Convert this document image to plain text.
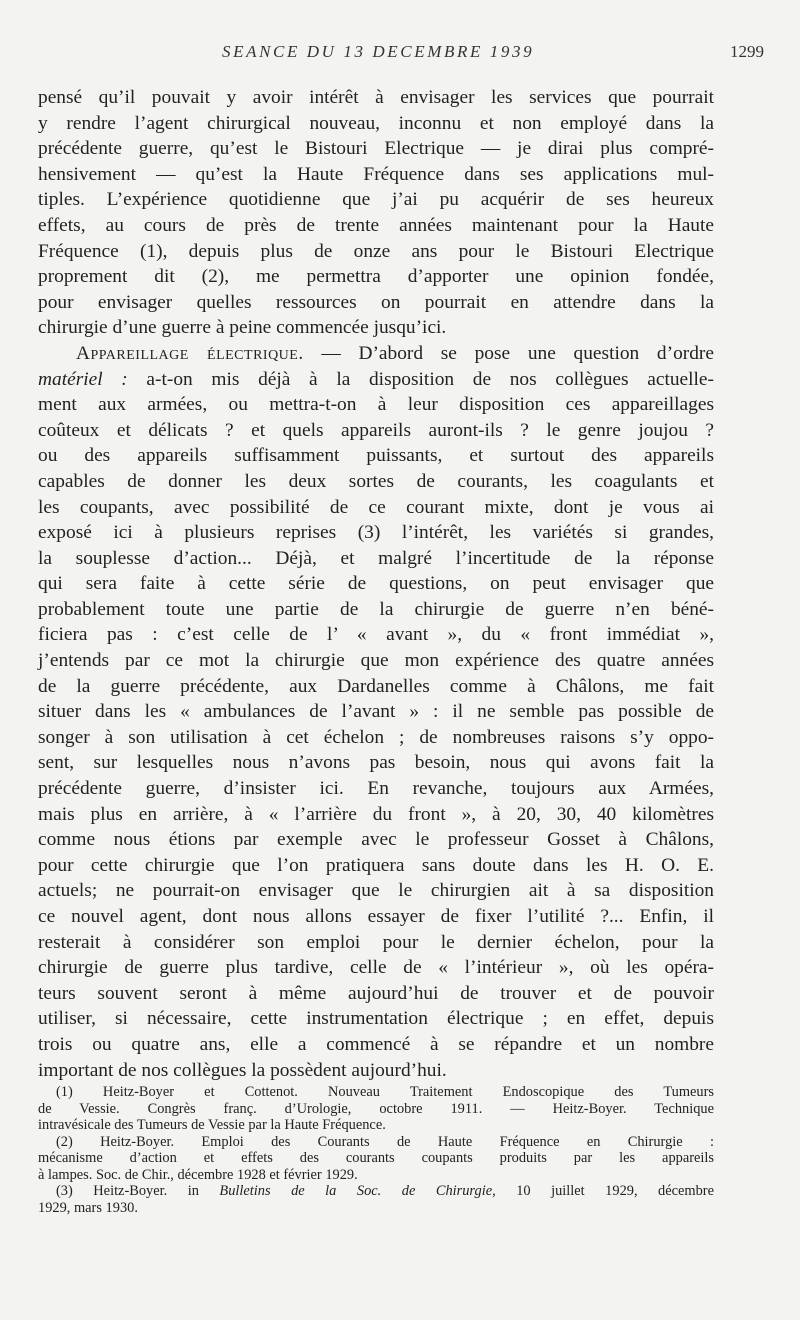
SEANCE DU 13 DECEMBRE 1939	1299
pensé qu’il pouvait y avoir intérêt à envisager les services que pourrait
y rendre l’agent chirurgical nouveau, inconnu et non employé dans la
précédente guerre, qu’est le Bistouri Electrique — je dirai plus compré-
hensivement — qu’est la Haute Fréquence dans ses applications mul-
tiples. L’expérience quotidienne que j’ai pu acquérir de ses heureux
effets, au cours de près de trente années maintenant pour la Haute
Fréquence (1), depuis plus de onze ans pour le Bistouri Electrique
proprement dit (2), me permettra d’apporter une opinion fondée,
pour envisager quelles ressources on pourrait en attendre dans la
chirurgie d’une guerre à peine commencée jusqu’ici.
Appareillage électrique. — D’abord se pose une question d’ordre
matériel : a-t-on mis déjà à la disposition de nos collègues actuelle-
ment aux armées, ou mettra-t-on à leur disposition ces appareillages
coûteux et délicats ? et quels appareils auront-ils ? le genre joujou ?
ou des appareils suffisamment puissants, et surtout des appareils
capables de donner les deux sortes de courants, les coagulants et
les coupants, avec possibilité de ce courant mixte, dont je vous ai
exposé ici à plusieurs reprises (3) l’intérêt, les variétés si grandes,
la souplesse d’action... Déjà, et malgré l’incertitude de la réponse
qui sera faite à cette série de questions, on peut envisager que
probablement toute une partie de la chirurgie de guerre n’en béné-
ficiera pas : c’est celle de l’ « avant », du « front immédiat »,
j’entends par ce mot la chirurgie que mon expérience des quatre années
de la guerre précédente, aux Dardanelles comme à Châlons, me fait
situer dans les « ambulances de l’avant » : il ne semble pas possible de
songer à son utilisation à cet échelon ; de nombreuses raisons s’y oppo-
sent, sur lesquelles nous n’avons pas besoin, nous qui avons fait la
précédente guerre, d’insister ici. En revanche, toujours aux Armées,
mais plus en arrière, à « l’arrière du front », à 20, 30, 40 kilomètres
comme nous étions par exemple avec le professeur Gosset à Châlons,
pour cette chirurgie que l’on pratiquera sans doute dans les H. O. E.
actuels; ne pourrait-on envisager que le chirurgien ait à sa disposition
ce nouvel agent, dont nous allons essayer de fixer l’utilité ?... Enfin, il
resterait à considérer son emploi pour le dernier échelon, pour la
chirurgie de guerre plus tardive, celle de « l’intérieur », où les opéra-
teurs souvent seront à même aujourd’hui de trouver et de pouvoir
utiliser, si nécessaire, cette instrumentation électrique ; en effet, depuis
trois ou quatre ans, elle a commencé à se répandre et un nombre
important de nos collègues la possèdent aujourd’hui.
(1) Heitz-Boyer et Cottenot. Nouveau Traitement Endoscopique des Tumeurs
de Vessie. Congrès franç. d’Urologie, octobre 1911. — Heitz-Boyer. Technique
intravésicale des Tumeurs de Vessie par la Haute Fréquence.
(2) Heitz-Boyer. Emploi des Courants de Haute Fréquence en Chirurgie :
mécanisme d’action et effets des courants coupants produits par les appareils
à lampes. Soc. de Chir., décembre 1928 et février 1929.
(3) Heitz-Boyer. in Bulletins de la Soc. de Chirurgie, 10 juillet 1929, décembre
1929, mars 1930.
